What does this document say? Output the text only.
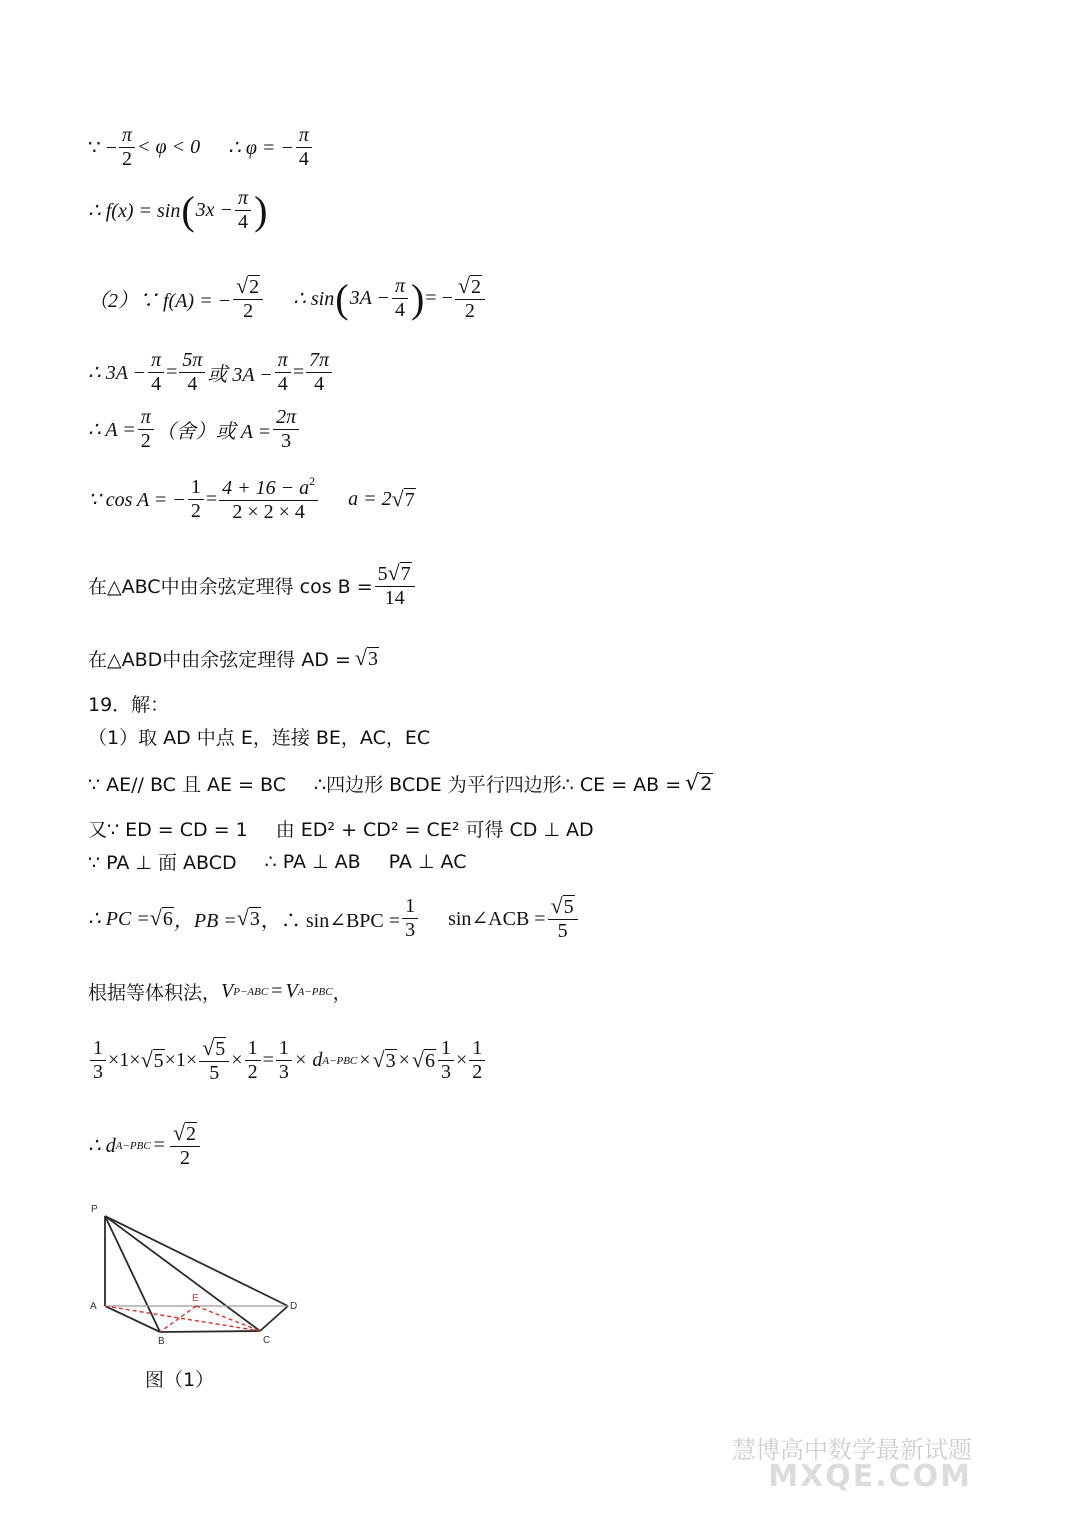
∵ − $\frac{\pi}{2} < \varphi < 0$ ∴ φ = − $\frac{\pi}{4}$
∴ f(x) = sin ( $3x - \frac{\pi}{4}$ )
（2）∵ f(A) = − $\frac{√ 2}{2}$ ∴ sin ( $3A - \frac{\pi}{4}$ ) = − $\frac{√ 2}{2}$
∴ $3A - \frac{\pi}{4} = \frac{5\pi}{4}$ 或 $3A - \frac{\pi}{4} = \frac{7\pi}{4}$
∴ $A = \frac{\pi}{2}$ （舍）或 $A = \frac{2\pi}{3}$
∵ cos A = − $\frac{1}{2} = \frac{4 + 16 - a^2}{2 \times 2 \times 4}$ a = 2 √ 7
在△ABC中由余弦定理得 $\cos B = \frac{5 √ 7}{14}$
在△ABD中由余弦定理得 AD = √ 3
19．解：
（1）取 AD 中点 E，连接 BE，AC，EC
∵ AE// BC 且 AE = BC ∴四边形 BCDE 为平行四边形∴ CE = AB = √ 2
又∵ ED = CD = 1 由 ED² + CD² = CE² 可得 CD ⊥ AD
∵ PA ⊥ 面 ABCD ∴ PA ⊥ AB PA ⊥ AC
∴ PC = √ 6 ，PB = √ 3 ，∴ sin∠BPC = $\frac{1}{3}$ sin∠ACB = $\frac{√ 5}{5}$
根据等体积法， V P−ABC = V A−PBC ，
$\frac{1}{3} \times 1\times$ √ $5 \times 1\times \frac{√ 5}{5} \times \frac{1}{2} = \frac{1}{3} \times d$ A−PBC × √ 3 × √ $6 \frac{1}{3} \times \frac{1}{2}$
∴ d $A-PBC = \frac{√ 2}{2}$
P
A
B	C
D
E
图（1）
慧博高中数学最新试题
MXQE.COM
